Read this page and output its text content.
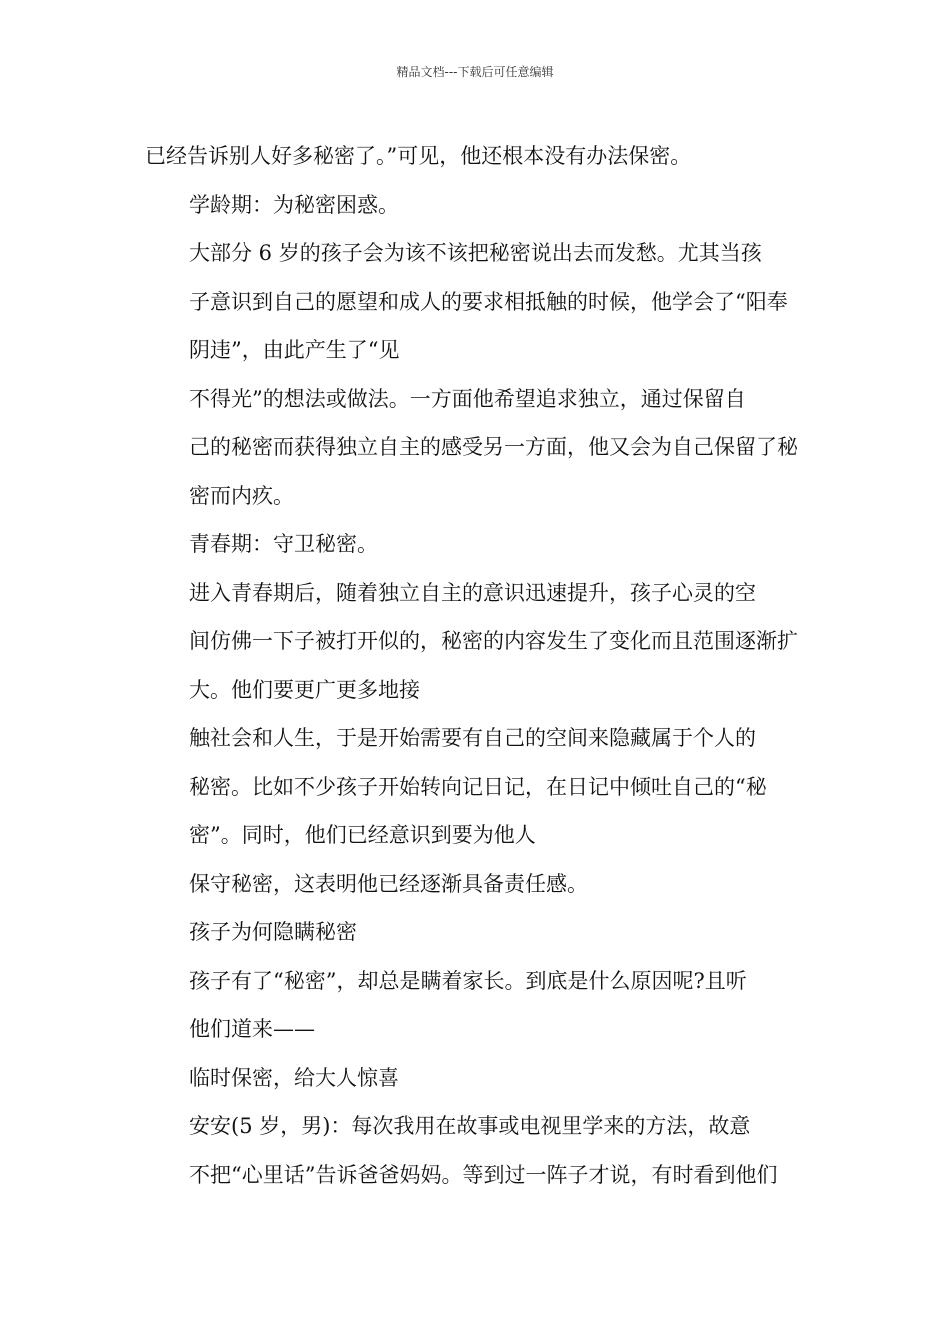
精品文档---下载后可任意编辑
已经告诉别人好多秘密了。”可见，他还根本没有办法保密。
学龄期：为秘密困惑。
大部分 6 岁的孩子会为该不该把秘密说出去而发愁。尤其当孩
子意识到自己的愿望和成人的要求相抵触的时候，他学会了“阳奉
阴违”，由此产生了“见
不得光”的想法或做法。一方面他希望追求独立，通过保留自
己的秘密而获得独立自主的感受另一方面，他又会为自己保留了秘
密而内疚。
青春期：守卫秘密。
进入青春期后，随着独立自主的意识迅速提升，孩子心灵的空
间仿佛一下子被打开似的，秘密的内容发生了变化而且范围逐渐扩
大。他们要更广更多地接
触社会和人生，于是开始需要有自己的空间来隐藏属于个人的
秘密。比如不少孩子开始转向记日记，在日记中倾吐自己的“秘
密”。同时，他们已经意识到要为他人
保守秘密，这表明他已经逐渐具备责任感。
孩子为何隐瞒秘密
孩子有了“秘密”，却总是瞒着家长。到底是什么原因呢?且听
他们道来——
临时保密，给大人惊喜
安安(5 岁，男)：每次我用在故事或电视里学来的方法，故意
不把“心里话”告诉爸爸妈妈。等到过一阵子才说，有时看到他们
